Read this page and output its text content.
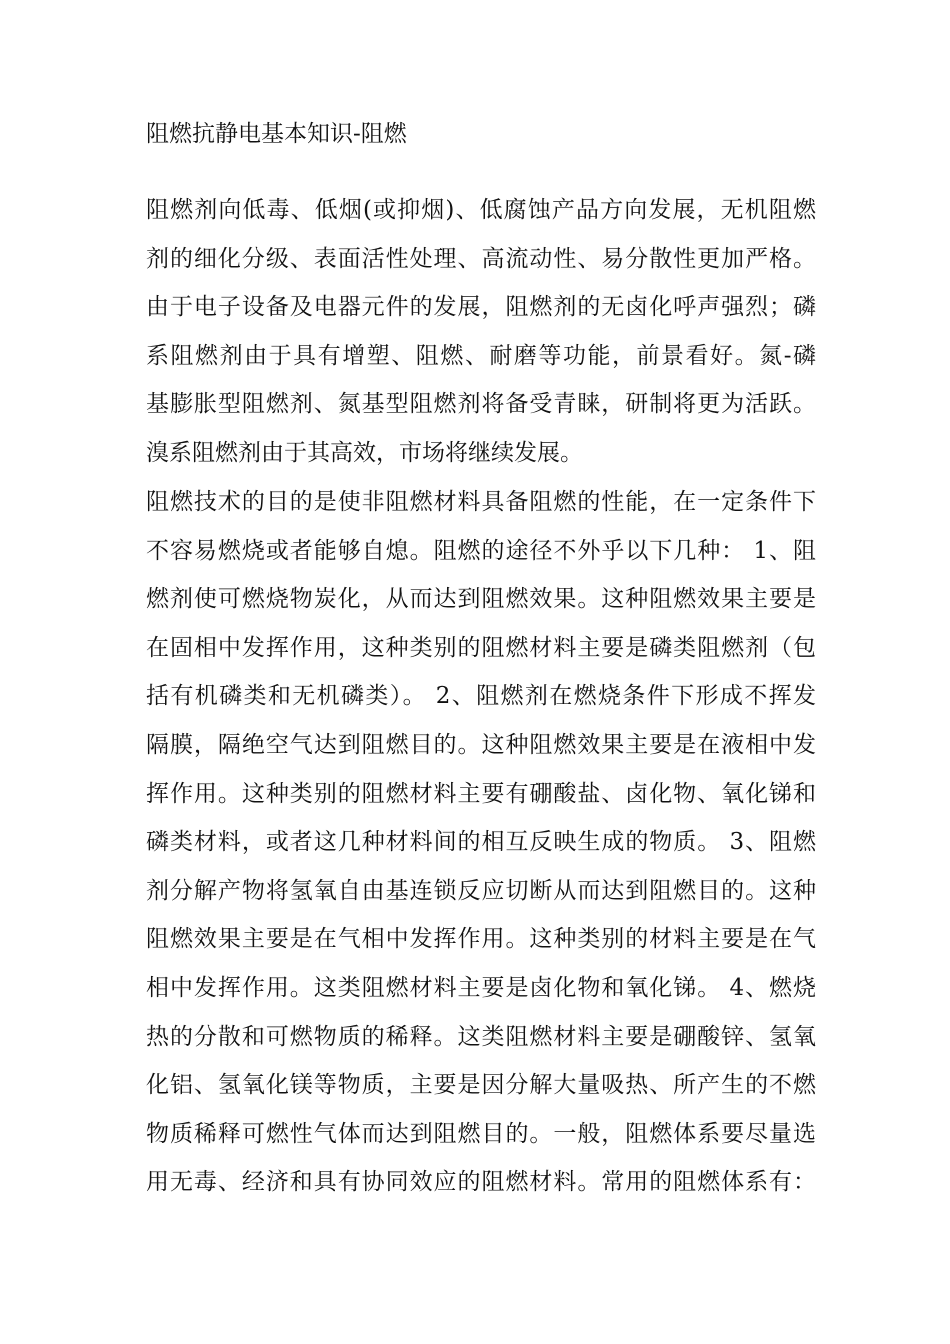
阻燃抗静电基本知识-阻燃
阻燃剂向低毒、低烟(或抑烟)、低腐蚀产品方向发展，无机阻燃
剂的细化分级、表面活性处理、高流动性、易分散性更加严格。
由于电子设备及电器元件的发展，阻燃剂的无卤化呼声强烈；磷
系阻燃剂由于具有增塑、阻燃、耐磨等功能，前景看好。氮-磷
基膨胀型阻燃剂、氮基型阻燃剂将备受青睐，研制将更为活跃。
溴系阻燃剂由于其高效，市场将继续发展。
阻燃技术的目的是使非阻燃材料具备阻燃的性能，在一定条件下
不容易燃烧或者能够自熄。阻燃的途径不外乎以下几种： 1、阻
燃剂使可燃烧物炭化，从而达到阻燃效果。这种阻燃效果主要是
在固相中发挥作用，这种类别的阻燃材料主要是磷类阻燃剂（包
括有机磷类和无机磷类）。 2、阻燃剂在燃烧条件下形成不挥发
隔膜，隔绝空气达到阻燃目的。这种阻燃效果主要是在液相中发
挥作用。这种类别的阻燃材料主要有硼酸盐、卤化物、氧化锑和
磷类材料，或者这几种材料间的相互反映生成的物质。 3、阻燃
剂分解产物将氢氧自由基连锁反应切断从而达到阻燃目的。这种
阻燃效果主要是在气相中发挥作用。这种类别的材料主要是在气
相中发挥作用。这类阻燃材料主要是卤化物和氧化锑。 4、燃烧
热的分散和可燃物质的稀释。这类阻燃材料主要是硼酸锌、氢氧
化铝、氢氧化镁等物质，主要是因分解大量吸热、所产生的不燃
物质稀释可燃性气体而达到阻燃目的。一般，阻燃体系要尽量选
用无毒、经济和具有协同效应的阻燃材料。常用的阻燃体系有：
